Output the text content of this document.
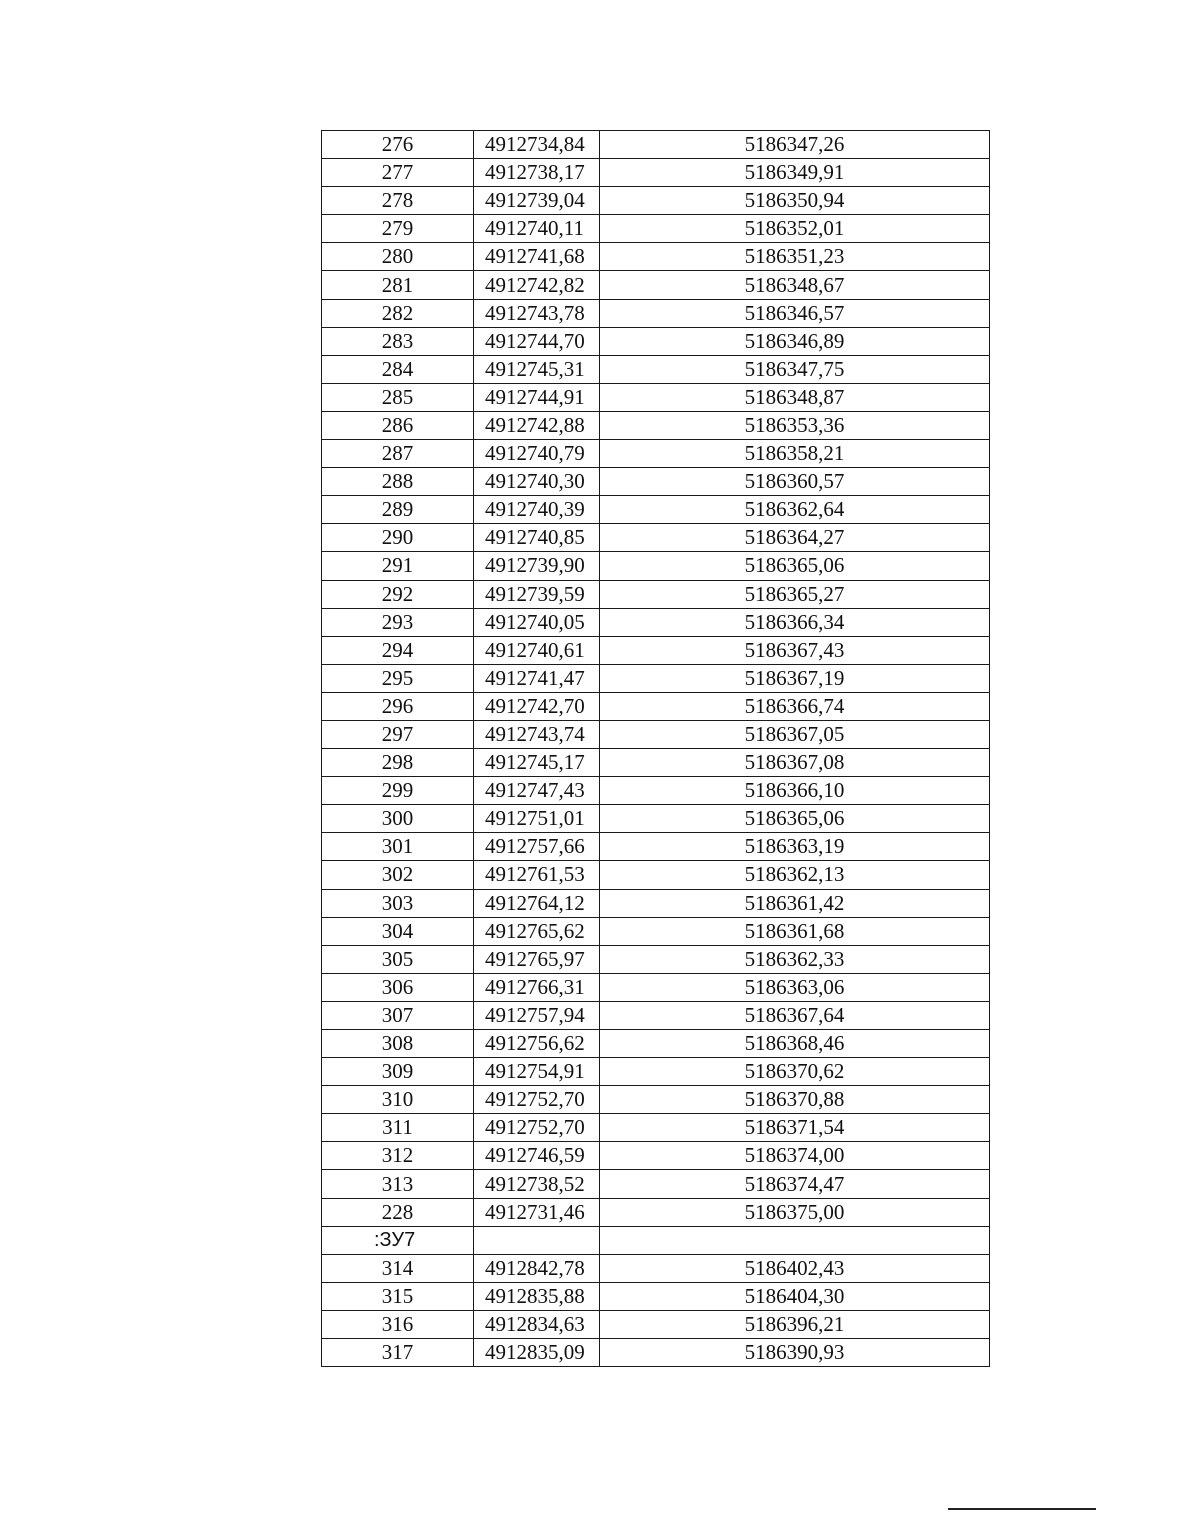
276	4912734,84	5186347,26
277	4912738,17	5186349,91
278	4912739,04	5186350,94
279	4912740,11	5186352,01
280	4912741,68	5186351,23
281	4912742,82	5186348,67
282	4912743,78	5186346,57
283	4912744,70	5186346,89
284	4912745,31	5186347,75
285	4912744,91	5186348,87
286	4912742,88	5186353,36
287	4912740,79	5186358,21
288	4912740,30	5186360,57
289	4912740,39	5186362,64
290	4912740,85	5186364,27
291	4912739,90	5186365,06
292	4912739,59	5186365,27
293	4912740,05	5186366,34
294	4912740,61	5186367,43
295	4912741,47	5186367,19
296	4912742,70	5186366,74
297	4912743,74	5186367,05
298	4912745,17	5186367,08
299	4912747,43	5186366,10
300	4912751,01	5186365,06
301	4912757,66	5186363,19
302	4912761,53	5186362,13
303	4912764,12	5186361,42
304	4912765,62	5186361,68
305	4912765,97	5186362,33
306	4912766,31	5186363,06
307	4912757,94	5186367,64
308	4912756,62	5186368,46
309	4912754,91	5186370,62
310	4912752,70	5186370,88
311	4912752,70	5186371,54
312	4912746,59	5186374,00
313	4912738,52	5186374,47
228	4912731,46	5186375,00
:ЗУ7		
314	4912842,78	5186402,43
315	4912835,88	5186404,30
316	4912834,63	5186396,21
317	4912835,09	5186390,93
